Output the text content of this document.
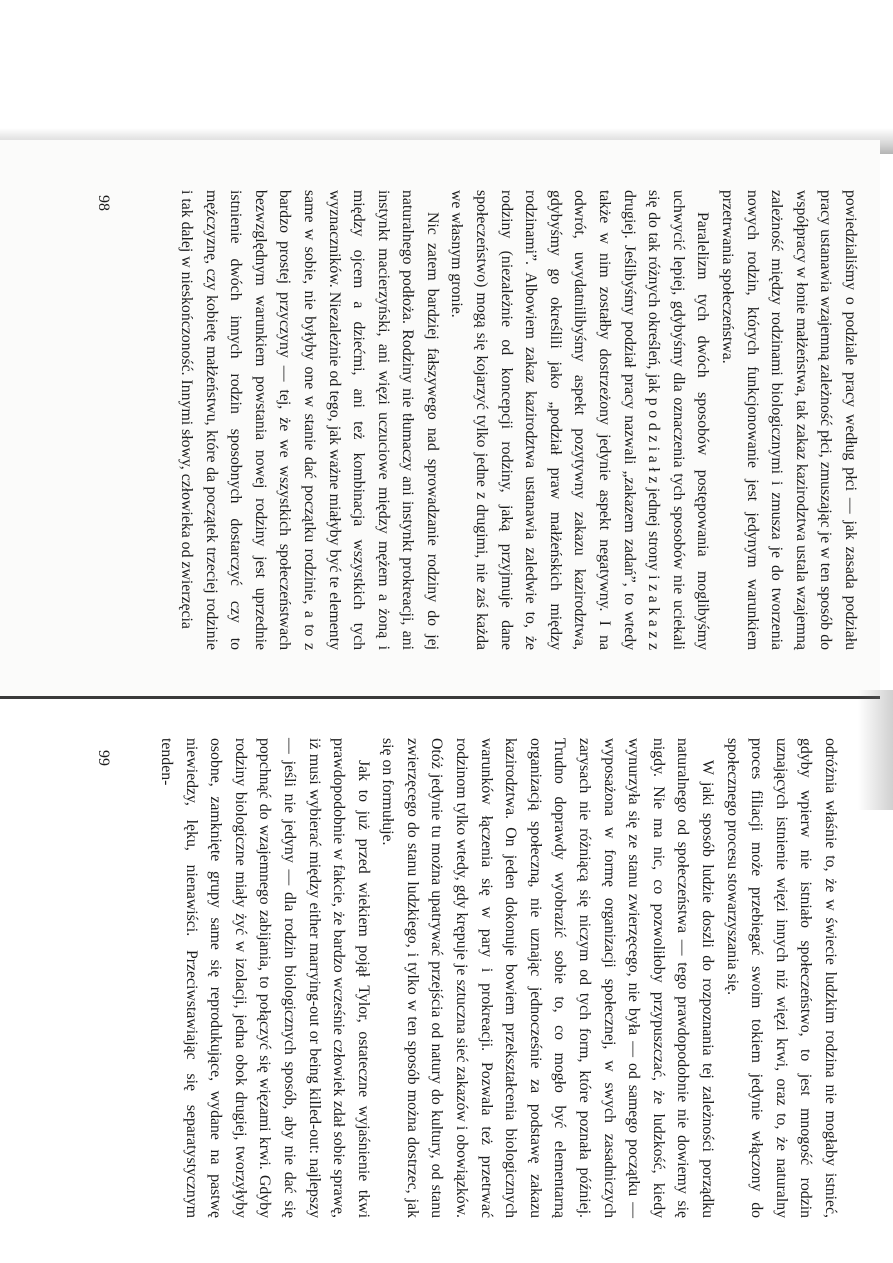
powiedzialiśmy o podziale pracy według płci — jak zasada podziału pracy ustanawia wzajemną zależność płci, zmuszając je w ten sposób do współpracy w łonie małżeństwa, tak zakaz kazirodztwa ustala wzajemną zależność między rodzinami biologicznymi i zmusza je do tworzenia nowych rodzin, których funkcjonowanie jest jedynym warunkiem przetrwania społeczeństwa.

Paralelizm tych dwóch sposobów postępowania moglibyśmy uchwycić lepiej, gdybyśmy dla oznaczenia tych sposobów nie uciekali się do tak różnych określeń, jak p o d z i a ł z jednej strony i z a k a z z drugiej. Jeślibyśmy podział pracy nazwali „zakazem zadań”, to wtedy także w nim zostałby dostrzeżony jedynie aspekt negatywny. I na odwrót, uwydatnilibyśmy aspekt pozytywny zakazu kazirodztwa, gdybyśmy go określili jako „podział praw małżeńskich między rodzinami”. Albowiem zakaz kazirodztwa ustanawia zaledwie to, że rodziny (niezależnie od koncepcji rodziny, jaką przyjmuje dane społeczeństwo) mogą się kojarzyć tylko jedne z drugimi, nie zaś każda we własnym gronie.

Nic zatem bardziej fałszywego nad sprowadzanie rodziny do jej naturalnego podłoża. Rodziny nie tłumaczy ani instynkt prokreacji, ani instynkt macierzyński, ani więzi uczuciowe między mężem a żoną i między ojcem a dziećmi, ani też kombinacja wszystkich tych wyznaczników. Niezależnie od tego, jak ważne miałyby być te elementy same w sobie, nie byłyby one w stanie dać początku rodzinie, a to z bardzo prostej przyczyny — tej, że we wszystkich społeczeństwach bezwzględnym warunkiem powstania nowej rodziny jest uprzednie istnienie dwóch innych rodzin sposobnych dostarczyć czy to mężczyznę, czy kobietę małżeństwu, które da początek trzeciej rodzinie i tak dalej w nieskończoność. Innymi słowy, człowieka od zwierzęcia

98

odróżnia właśnie to, że w świecie ludzkim rodzina nie mogłaby istnieć, gdyby wpierw nie istniało społeczeństwo, to jest mnogość rodzin uznających istnienie więzi innych niż więzi krwi, oraz to, że naturalny proces filiacji może przebiegać swoim tokiem jedynie włączony do społecznego procesu stowarzyszania się.

W jaki sposób ludzie doszli do rozpoznania tej zależności porządku naturalnego od społeczeństwa — tego prawdopodobnie nie dowiemy się nigdy. Nie ma nic, co pozwoliłoby przypuszczać, że ludzkość, kiedy wynurzyła się ze stanu zwierzęcego, nie była — od samego początku — wyposażona w formę organizacji społecznej, w swych zasadniczych zarysach nie różniącą się niczym od tych form, które poznała później. Trudno doprawdy wyobrazić sobie to, co mogło być elementarną organizacją społeczną, nie uznając jednocześnie za podstawę zakazu kazirodztwa. On jeden dokonuje bowiem przekształcenia biologicznych warunków łączenia się w pary i prokreacji. Pozwala też przetrwać rodzinom tylko wtedy, gdy krępuje je sztuczna sieć zakazów i obowiązków. Otóż jedynie tu można upatrywać przejścia od natury do kultury, od stanu zwierzęcego do stanu ludzkiego, i tylko w ten sposób można dostrzec, jak się on formułuje.

Jak to już przed wiekiem pojął Tylor, ostateczne wyjaśnienie tkwi prawdopodobnie w fakcie, że bardzo wcześnie człowiek zdał sobie sprawę, iż musi wybierać między either marrying-out or being killed-out: najlepszy — jeśli nie jedyny — dla rodzin biologicznych sposób, aby nie dać się popchnąć do wzajemnego zabijania, to połączyć się więzami krwi. Gdyby rodziny biologiczne miały żyć w izolacji, jedna obok drugiej, tworzyłyby osobne, zamknięte grupy same się reprodukujące, wydane na pastwę niewiedzy, lęku, nienawiści. Przeciwstawiając się separatystycznym tenden-

99
